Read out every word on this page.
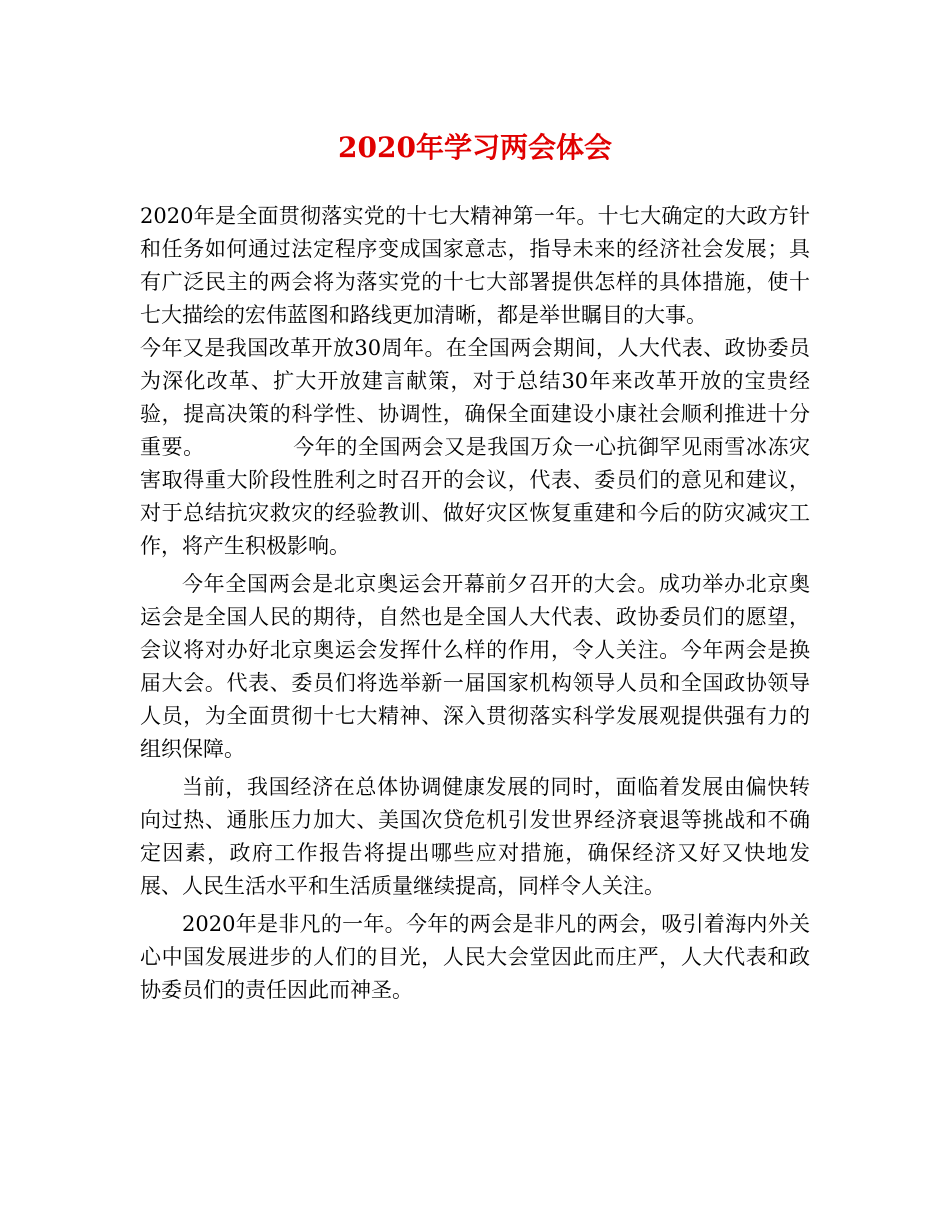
2020年学习两会体会

2020年是全面贯彻落实党的十七大精神第一年。十七大确定的大政方针和任务如何通过法定程序变成国家意志，指导未来的经济社会发展；具有广泛民主的两会将为落实党的十七大部署提供怎样的具体措施，使十七大描绘的宏伟蓝图和路线更加清晰，都是举世瞩目的大事。

今年又是我国改革开放30周年。在全国两会期间，人大代表、政协委员为深化改革、扩大开放建言献策，对于总结30年来改革开放的宝贵经验，提高决策的科学性、协调性，确保全面建设小康社会顺利推进十分重要。	今年的全国两会又是我国万众一心抗御罕见雨雪冰冻灾害取得重大阶段性胜利之时召开的会议，代表、委员们的意见和建议，对于总结抗灾救灾的经验教训、做好灾区恢复重建和今后的防灾减灾工作，将产生积极影响。

今年全国两会是北京奥运会开幕前夕召开的大会。成功举办北京奥运会是全国人民的期待，自然也是全国人大代表、政协委员们的愿望，会议将对办好北京奥运会发挥什么样的作用，令人关注。今年两会是换届大会。代表、委员们将选举新一届国家机构领导人员和全国政协领导人员，为全面贯彻十七大精神、深入贯彻落实科学发展观提供强有力的组织保障。

当前，我国经济在总体协调健康发展的同时，面临着发展由偏快转向过热、通胀压力加大、美国次贷危机引发世界经济衰退等挑战和不确定因素，政府工作报告将提出哪些应对措施，确保经济又好又快地发展、人民生活水平和生活质量继续提高，同样令人关注。

2020年是非凡的一年。今年的两会是非凡的两会，吸引着海内外关心中国发展进步的人们的目光，人民大会堂因此而庄严，人大代表和政协委员们的责任因此而神圣。
